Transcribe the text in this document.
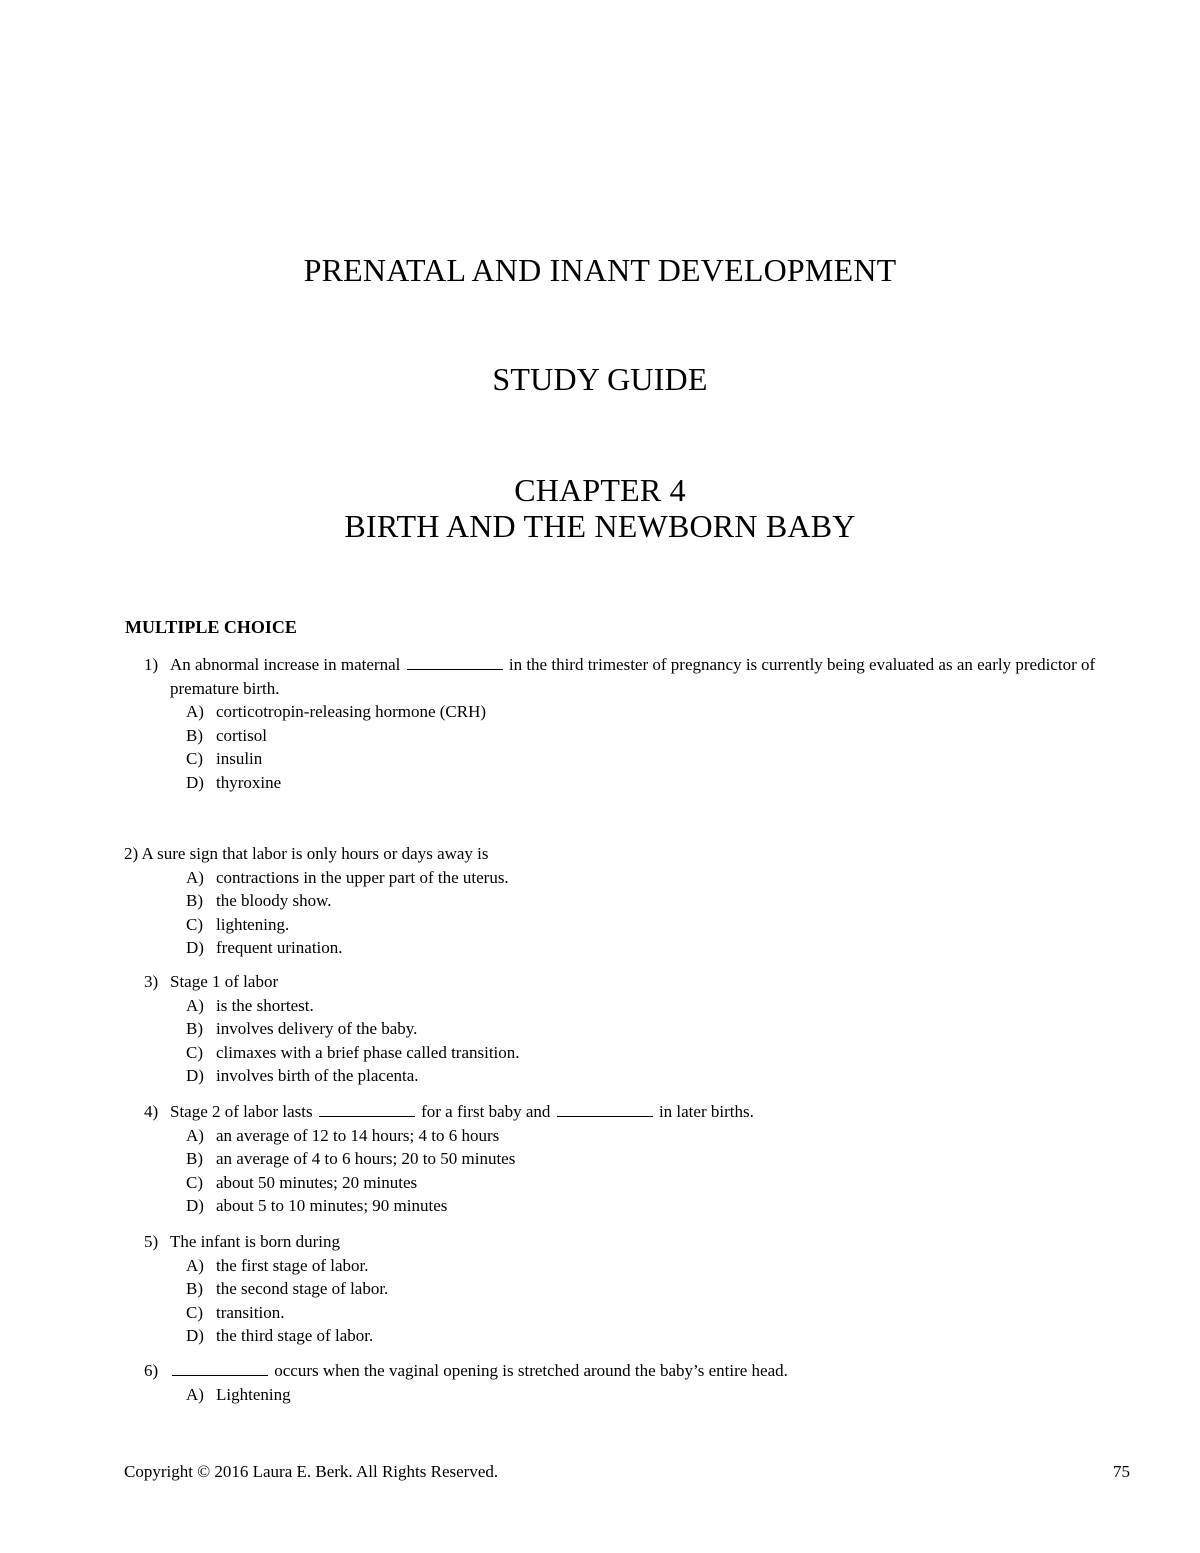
PRENATAL AND INANT DEVELOPMENT
STUDY GUIDE
CHAPTER 4
BIRTH AND THE NEWBORN BABY
MULTIPLE CHOICE
1) An abnormal increase in maternal	in the third trimester of pregnancy is currently being evaluated as an early predictor of premature birth.
A) corticotropin-releasing hormone (CRH)
B) cortisol
C) insulin
D) thyroxine
2) A sure sign that labor is only hours or days away is
A) contractions in the upper part of the uterus.
B) the bloody show.
C) lightening.
D) frequent urination.
3) Stage 1 of labor
A) is the shortest.
B) involves delivery of the baby.
C) climaxes with a brief phase called transition.
D) involves birth of the placenta.
4) Stage 2 of labor lasts	for a first baby and	in later births.
A) an average of 12 to 14 hours; 4 to 6 hours
B) an average of 4 to 6 hours; 20 to 50 minutes
C) about 50 minutes; 20 minutes
D) about 5 to 10 minutes; 90 minutes
5) The infant is born during
A) the first stage of labor.
B) the second stage of labor.
C) transition.
D) the third stage of labor.
6)	occurs when the vaginal opening is stretched around the baby’s entire head.
A) Lightening
Copyright © 2016 Laura E. Berk. All Rights Reserved.	75
